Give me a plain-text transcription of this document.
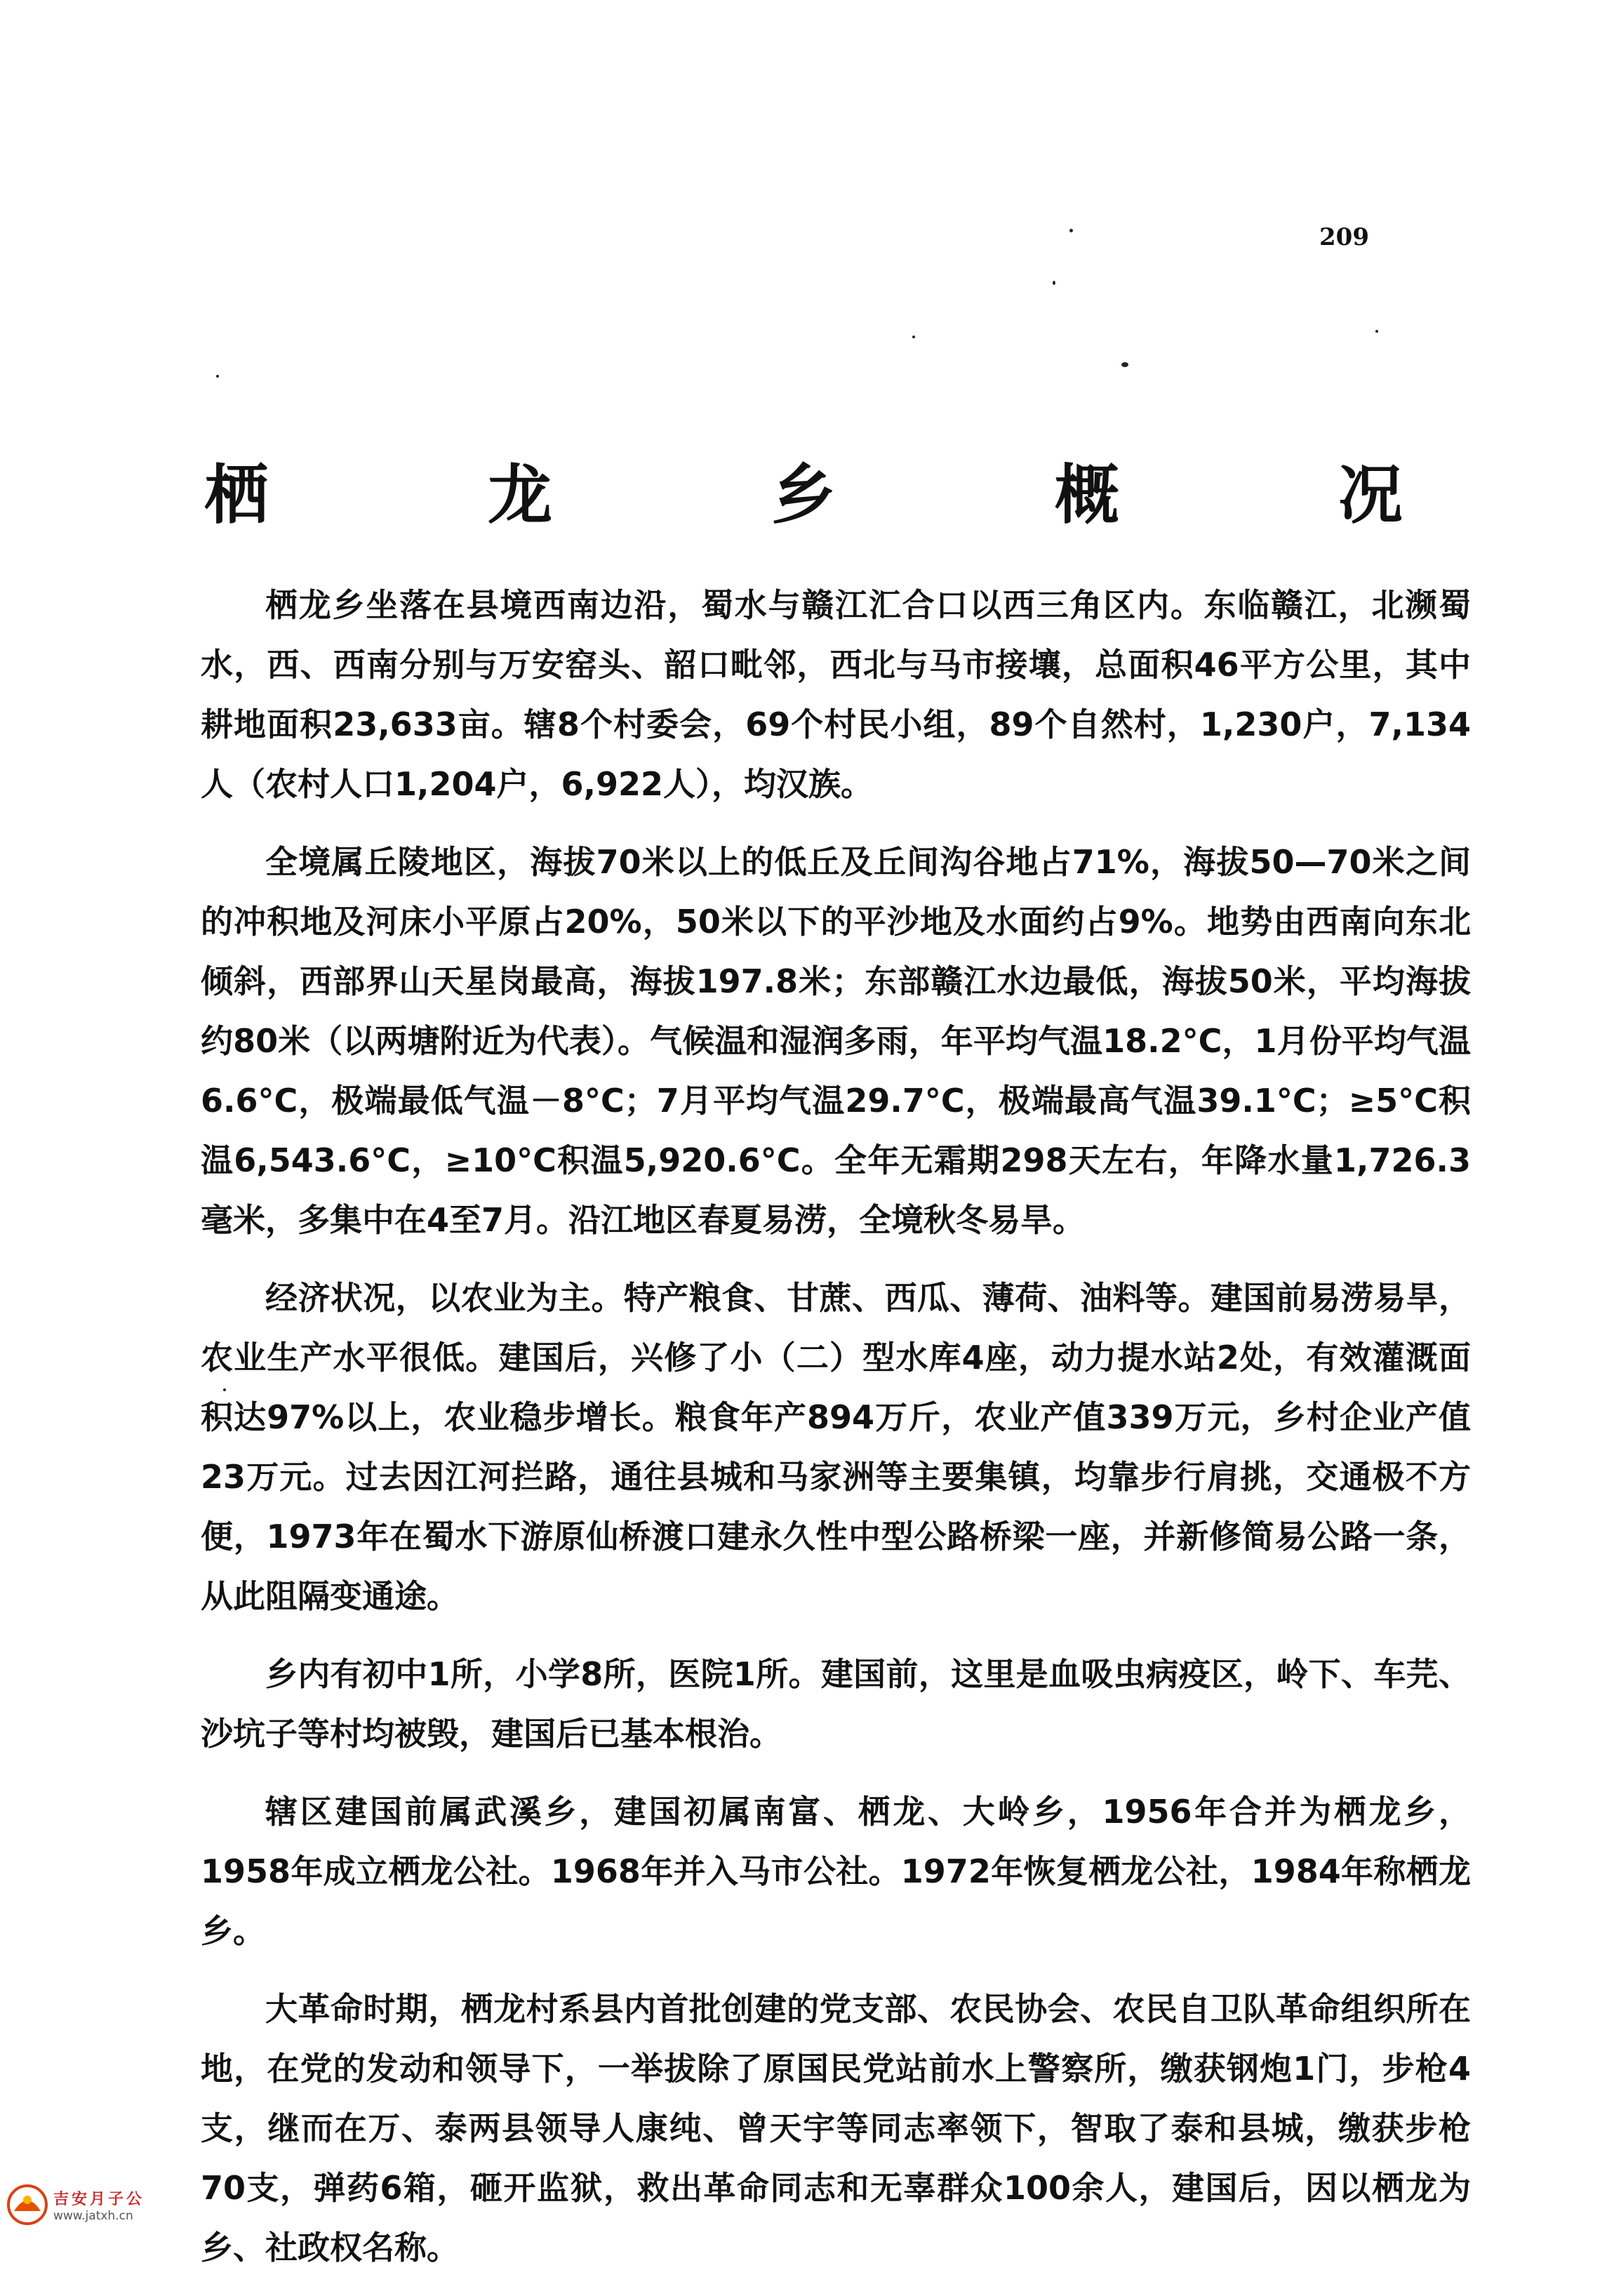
209
栖 龙 乡 概 况

栖龙乡坐落在县境西南边沿，蜀水与赣江汇合口以西三角区内。东临赣江，北濒蜀水，西、西南分别与万安窑头、韶口毗邻，西北与马市接壤，总面积46平方公里，其中耕地面积23,633亩。辖8个村委会，69个村民小组，89个自然村，1,230户，7,134人（农村人口1,204户，6,922人），均汉族。

全境属丘陵地区，海拔70米以上的低丘及丘间沟谷地占71%，海拔50—70米之间的冲积地及河床小平原占20%，50米以下的平沙地及水面约占9%。地势由西南向东北倾斜，西部界山天星岗最高，海拔197.8米；东部赣江水边最低，海拔50米，平均海拔约80米（以两塘附近为代表）。气候温和湿润多雨，年平均气温18.2°C，1月份平均气温6.6°C，极端最低气温－8°C；7月平均气温29.7°C，极端最高气温39.1°C；≥5°C积温6,543.6°C，≥10°C积温5,920.6°C。全年无霜期298天左右，年降水量1,726.3毫米，多集中在4至7月。沿江地区春夏易涝，全境秋冬易旱。

经济状况，以农业为主。特产粮食、甘蔗、西瓜、薄荷、油料等。建国前易涝易旱，农业生产水平很低。建国后，兴修了小（二）型水库4座，动力提水站2处，有效灌溉面积达97%以上，农业稳步增长。粮食年产894万斤，农业产值339万元，乡村企业产值23万元。过去因江河拦路，通往县城和马家洲等主要集镇，均靠步行肩挑，交通极不方便，1973年在蜀水下游原仙桥渡口建永久性中型公路桥梁一座，并新修简易公路一条，从此阻隔变通途。

乡内有初中1所，小学8所，医院1所。建国前，这里是血吸虫病疫区，岭下、车芫、沙坑子等村均被毁，建国后已基本根治。

辖区建国前属武溪乡，建国初属南富、栖龙、大岭乡，1956年合并为栖龙乡，1958年成立栖龙公社。1968年并入马市公社。1972年恢复栖龙公社，1984年称栖龙乡。

大革命时期，栖龙村系县内首批创建的党支部、农民协会、农民自卫队革命组织所在地，在党的发动和领导下，一举拔除了原国民党站前水上警察所，缴获钢炮1门，步枪4支，继而在万、泰两县领导人康纯、曾天宇等同志率领下，智取了泰和县城，缴获步枪70支，弹药6箱，砸开监狱，救出革命同志和无辜群众100余人，建国后，因以栖龙为乡、社政权名称。

吉安月子公
www.jatxh.cn
